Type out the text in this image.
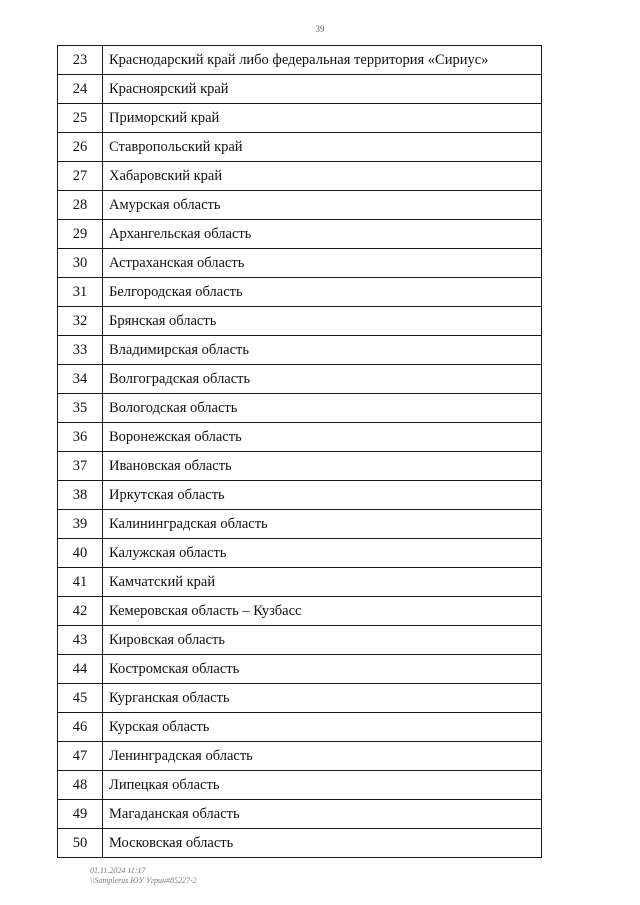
39
23	Краснодарский край либо федеральная территория «Сириус»
24	Красноярский край
25	Приморский край
26	Ставропольский край
27	Хабаровский край
28	Амурская область
29	Архангельская область
30	Астраханская область
31	Белгородская область
32	Брянская область
33	Владимирская область
34	Волгоградская область
35	Вологодская область
36	Воронежская область
37	Ивановская область
38	Иркутская область
39	Калининградская область
40	Калужская область
41	Камчатский край
42	Кемеровская область – Кузбасс
43	Кировская область
44	Костромская область
45	Курганская область
46	Курская область
47	Ленинградская область
48	Липецкая область
49	Магаданская область
50	Московская область
01.11.2024 11:17
\\Samplerus ЮУ Угрин#85227-2
